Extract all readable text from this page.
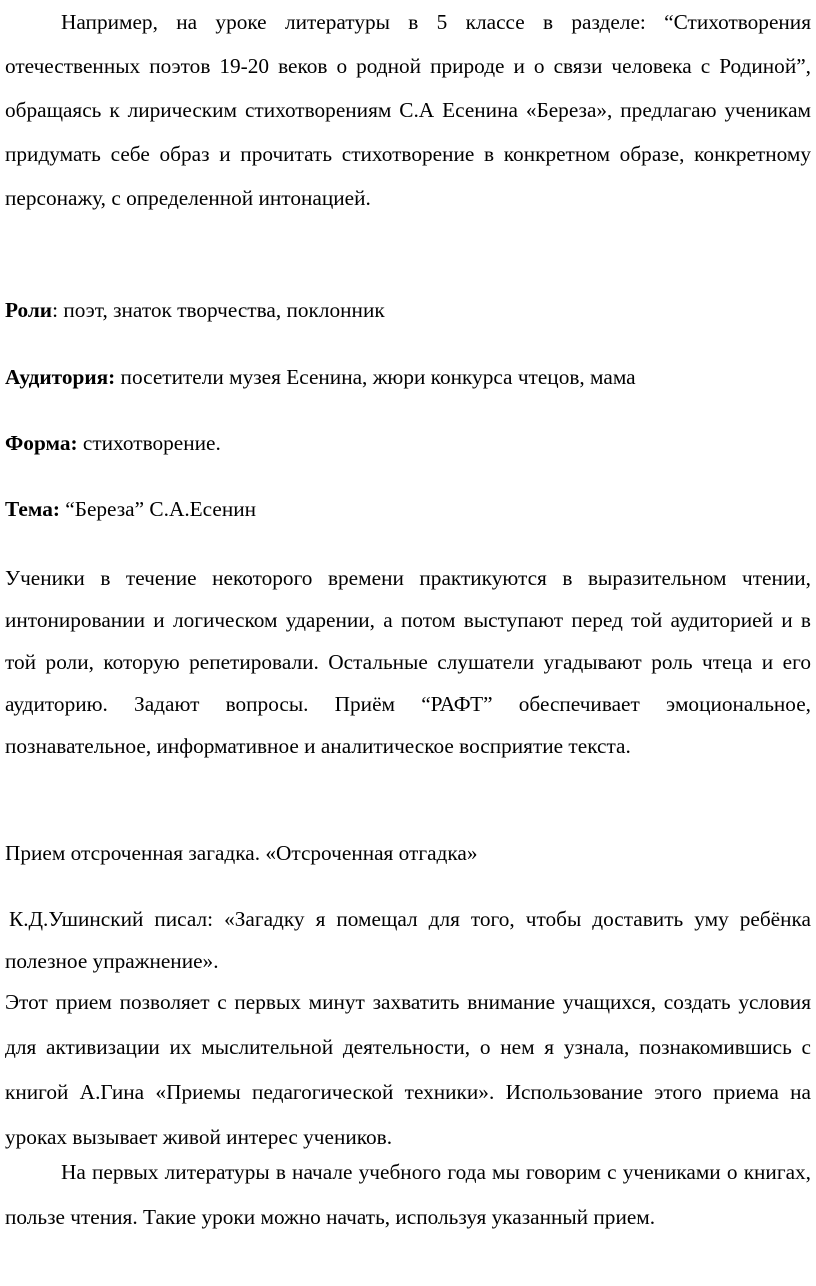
Например, на уроке литературы в 5 классе в разделе: “Стихотворения отечественных поэтов 19-20 веков о родной природе и о связи человека с Родиной”, обращаясь к лирическим стихотворениям С.А Есенина «Береза», предлагаю ученикам придумать себе образ и прочитать стихотворение в конкретном образе, конкретному персонажу, с определенной интонацией.

Роли: поэт, знаток творчества, поклонник

Аудитория: посетители музея Есенина, жюри конкурса чтецов, мама

Форма: стихотворение.

Тема: “Береза” С.А.Есенин

Ученики в течение некоторого времени практикуются в выразительном чтении, интонировании и логическом ударении, а потом выступают перед той аудиторией и в той роли, которую репетировали. Остальные слушатели угадывают роль чтеца и его аудиторию. Задают вопросы. Приём “РАФТ” обеспечивает эмоциональное, познавательное, информативное и аналитическое восприятие текста.

Прием отсроченная загадка. «Отсроченная отгадка»

К.Д.Ушинский писал: «Загадку я помещал для того, чтобы доставить уму ребёнка полезное упражнение».

Этот прием позволяет с первых минут захватить внимание учащихся, создать условия для активизации их мыслительной деятельности, о нем я узнала, познакомившись с книгой А.Гина «Приемы педагогической техники». Использование этого приема на уроках вызывает живой интерес учеников.

На первых литературы в начале учебного года мы говорим с учениками о книгах, пользе чтения. Такие уроки можно начать, используя указанный прием.
